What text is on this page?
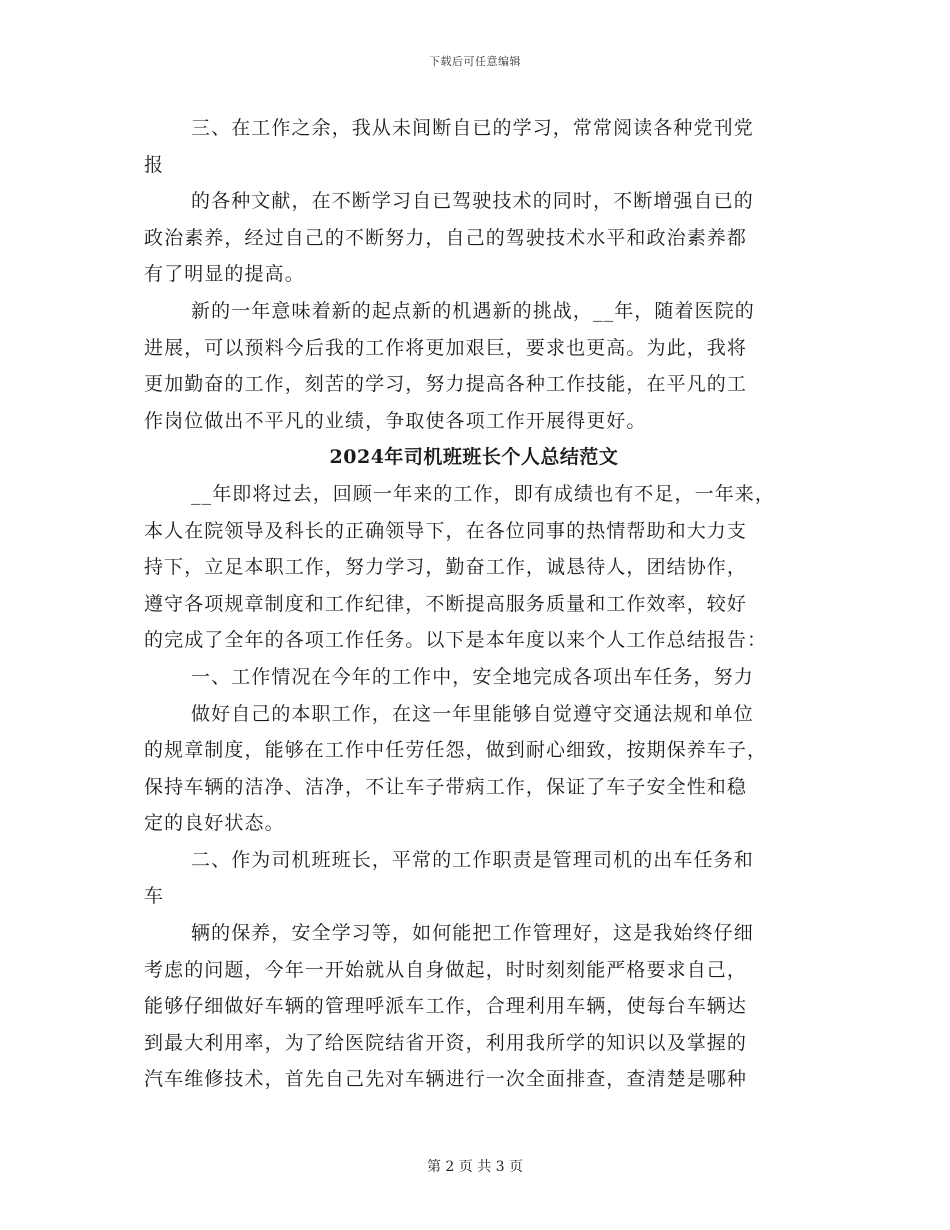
下载后可任意编辑
三、在工作之余，我从未间断自已的学习，常常阅读各种党刊党
报
的各种文献，在不断学习自已驾驶技术的同时，不断增强自已的
政治素养，经过自己的不断努力，自己的驾驶技术水平和政治素养都
有了明显的提高。
新的一年意味着新的起点新的机遇新的挑战，__年，随着医院的
进展，可以预料今后我的工作将更加艰巨，要求也更高。为此，我将
更加勤奋的工作，刻苦的学习，努力提高各种工作技能，在平凡的工
作岗位做出不平凡的业绩，争取使各项工作开展得更好。
2024年司机班班长个人总结范文
__年即将过去，回顾一年来的工作，即有成绩也有不足，一年来，
本人在院领导及科长的正确领导下，在各位同事的热情帮助和大力支
持下，立足本职工作，努力学习，勤奋工作，诚恳待人，团结协作，
遵守各项规章制度和工作纪律，不断提高服务质量和工作效率，较好
的完成了全年的各项工作任务。以下是本年度以来个人工作总结报告：
一、工作情况在今年的工作中，安全地完成各项出车任务，努力
做好自己的本职工作，在这一年里能够自觉遵守交通法规和单位
的规章制度，能够在工作中任劳任怨，做到耐心细致，按期保养车子，
保持车辆的洁净、洁净，不让车子带病工作，保证了车子安全性和稳
定的良好状态。
二、作为司机班班长，平常的工作职责是管理司机的出车任务和
车
辆的保养，安全学习等，如何能把工作管理好，这是我始终仔细
考虑的问题，今年一开始就从自身做起，时时刻刻能严格要求自己，
能够仔细做好车辆的管理呼派车工作，合理利用车辆，使每台车辆达
到最大利用率，为了给医院结省开资，利用我所学的知识以及掌握的
汽车维修技术，首先自己先对车辆进行一次全面排查，查清楚是哪种
第 2 页 共 3 页
